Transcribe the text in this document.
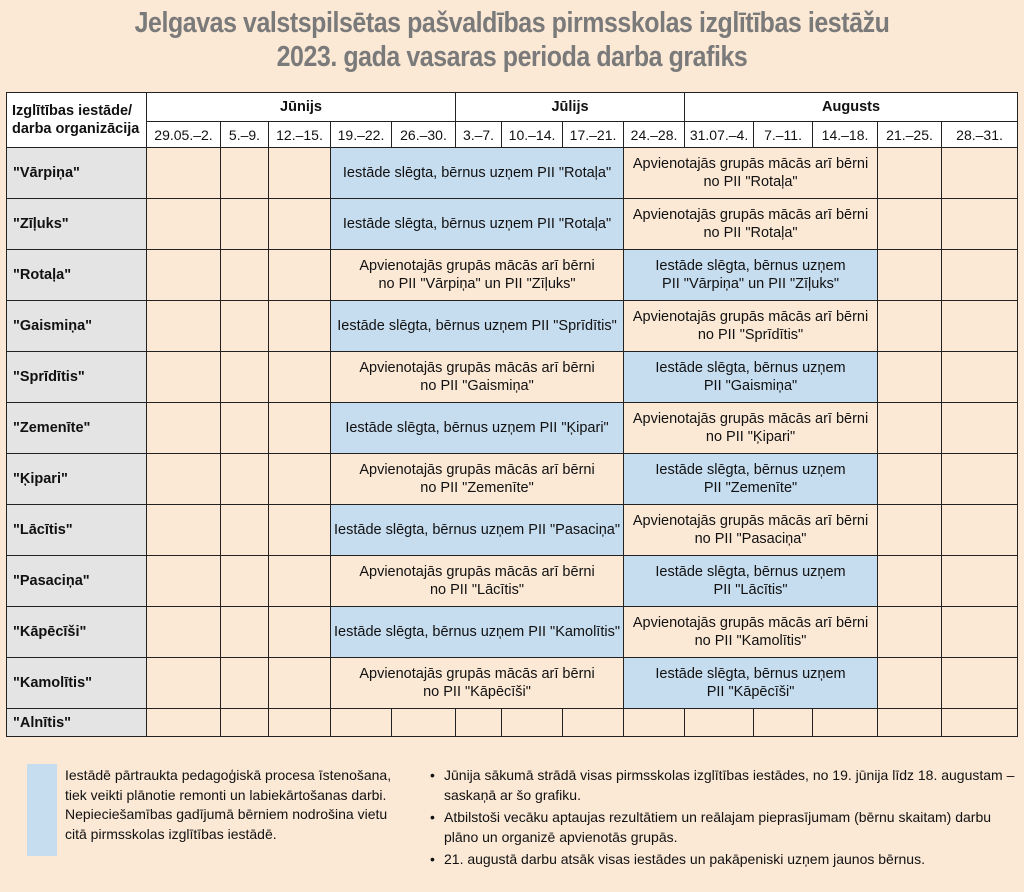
Jelgavas valstspilsētas pašvaldības pirmsskolas izglītības iestāžu
2023. gada vasaras perioda darba grafiks
Izglītības iestāde/
darba organizācija	Jūnijs					Jūlijs				Augusts					
	29.05.–2.	5.–9.	12.–15.	19.–22.	26.–30.	3.–7.	10.–14.	17.–21.	24.–28.	31.07.–4.	7.–11.	14.–18.	21.–25.	28.–31.	
"Vārpiņa"				Iestāde slēgta, bērnus uzņem PII "Rotaļa"					Apvienotajās grupās mācās arī bērni
no PII "Rotaļa"						

"Zīļuks"				Iestāde slēgta, bērnus uzņem PII "Rotaļa"					Apvienotajās grupās mācās arī bērni
no PII "Rotaļa"						

"Rotaļa"				Apvienotajās grupās mācās arī bērni
no PII "Vārpiņa" un PII "Zīļuks"					Iestāde slēgta, bērnus uzņem
PII "Vārpiņa" un PII "Zīļuks"						

"Gaismiņa"				Iestāde slēgta, bērnus uzņem PII "Sprīdītis"					Apvienotajās grupās mācās arī bērni
no PII "Sprīdītis"						

"Sprīdītis"				Apvienotajās grupās mācās arī bērni
no PII "Gaismiņa"					Iestāde slēgta, bērnus uzņem
PII "Gaismiņa"						

"Zemenīte"				Iestāde slēgta, bērnus uzņem PII "Ķipari"					Apvienotajās grupās mācās arī bērni
no PII "Ķipari"						

"Ķipari"				Apvienotajās grupās mācās arī bērni
no PII "Zemenīte"					Iestāde slēgta, bērnus uzņem
PII "Zemenīte"						

"Lācītis"				Iestāde slēgta, bērnus uzņem PII "Pasaciņa"					Apvienotajās grupās mācās arī bērni
no PII "Pasaciņa"						

"Pasaciņa"				Apvienotajās grupās mācās arī bērni
no PII "Lācītis"					Iestāde slēgta, bērnus uzņem
PII "Lācītis"						

"Kāpēcīši"				Iestāde slēgta, bērnus uzņem PII "Kamolītis"					Apvienotajās grupās mācās arī bērni
no PII "Kamolītis"						

"Kamolītis"				Apvienotajās grupās mācās arī bērni
no PII "Kāpēcīši"					Iestāde slēgta, bērnus uzņem
PII "Kāpēcīši"						

"Alnītis"															
Iestādē pārtraukta pedagoģiskā procesa īstenošana, tiek veikti plānotie remonti un labiekārtošanas darbi. Nepieciešamības gadījumā bērniem nodrošina vietu citā pirmsskolas izglītības iestādē.
• Jūnija sākumā strādā visas pirmsskolas izglītības iestādes, no 19. jūnija līdz 18. augustam – saskaņā ar šo grafiku.
• Atbilstoši vecāku aptaujas rezultātiem un reālajam pieprasījumam (bērnu skaitam) darbu plāno un organizē apvienotās grupās.
• 21. augustā darbu atsāk visas iestādes un pakāpeniski uzņem jaunos bērnus.
